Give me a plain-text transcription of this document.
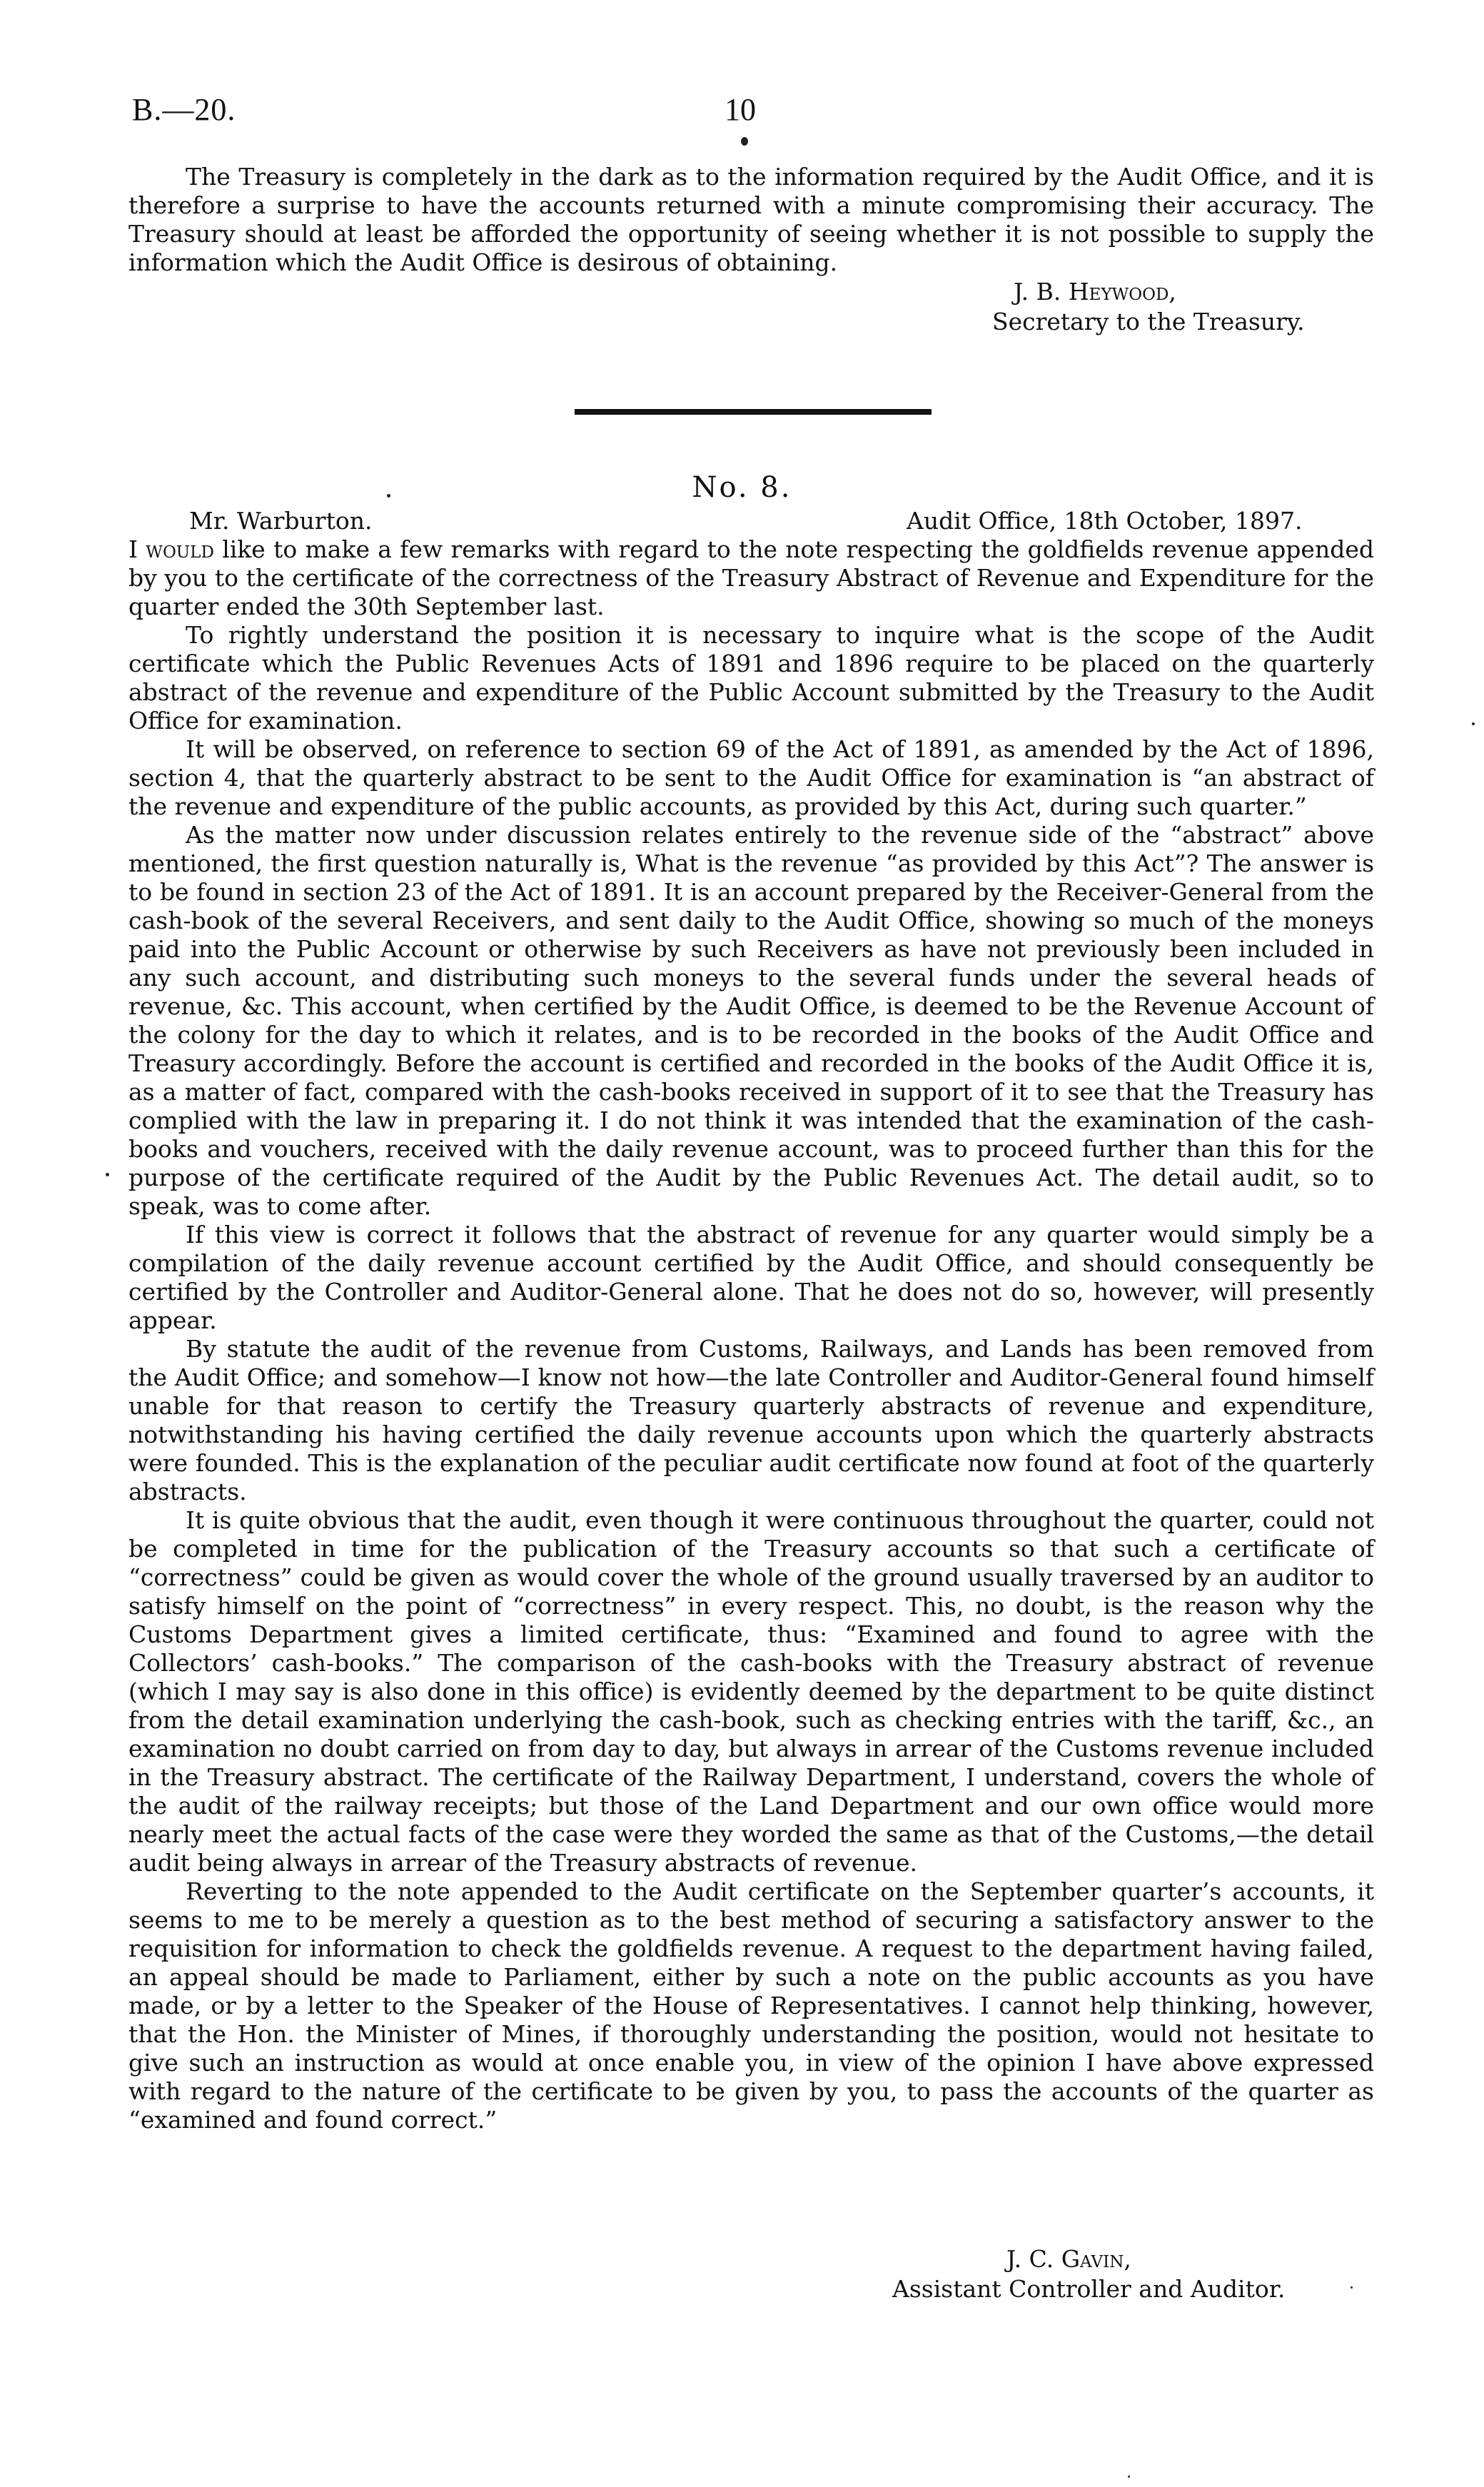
B.—20.	10

The Treasury is completely in the dark as to the information required by the Audit Office, and it is therefore a surprise to have the accounts returned with a minute compromising their accuracy. The Treasury should at least be afforded the opportunity of seeing whether it is not possible to supply the information which the Audit Office is desirous of obtaining.

J. B. Heywood,
Secretary to the Treasury.
No. 8.
Mr. Warburton.	Audit Office, 18th October, 1897.

I would like to make a few remarks with regard to the note respecting the goldfields revenue appended by you to the certificate of the correctness of the Treasury Abstract of Revenue and Expenditure for the quarter ended the 30th September last.

To rightly understand the position it is necessary to inquire what is the scope of the Audit certificate which the Public Revenues Acts of 1891 and 1896 require to be placed on the quarterly abstract of the revenue and expenditure of the Public Account submitted by the Treasury to the Audit Office for examination.

It will be observed, on reference to section 69 of the Act of 1891, as amended by the Act of 1896, section 4, that the quarterly abstract to be sent to the Audit Office for examination is “an abstract of the revenue and expenditure of the public accounts, as provided by this Act, during such quarter.”

As the matter now under discussion relates entirely to the revenue side of the “abstract” above mentioned, the first question naturally is, What is the revenue “as provided by this Act”? The answer is to be found in section 23 of the Act of 1891. It is an account prepared by the Receiver-General from the cash-book of the several Receivers, and sent daily to the Audit Office, showing so much of the moneys paid into the Public Account or otherwise by such Receivers as have not previously been included in any such account, and distributing such moneys to the several funds under the several heads of revenue, &c. This account, when certified by the Audit Office, is deemed to be the Revenue Account of the colony for the day to which it relates, and is to be recorded in the books of the Audit Office and Treasury accordingly. Before the account is certified and recorded in the books of the Audit Office it is, as a matter of fact, compared with the cash-books received in support of it to see that the Treasury has complied with the law in preparing it. I do not think it was intended that the examination of the cash-books and vouchers, received with the daily revenue account, was to proceed further than this for the purpose of the certificate required of the Audit by the Public Revenues Act. The detail audit, so to speak, was to come after.

If this view is correct it follows that the abstract of revenue for any quarter would simply be a compilation of the daily revenue account certified by the Audit Office, and should consequently be certified by the Controller and Auditor-General alone. That he does not do so, however, will presently appear.

By statute the audit of the revenue from Customs, Railways, and Lands has been removed from the Audit Office; and somehow—I know not how—the late Controller and Auditor-General found himself unable for that reason to certify the Treasury quarterly abstracts of revenue and expenditure, notwithstanding his having certified the daily revenue accounts upon which the quarterly abstracts were founded. This is the explanation of the peculiar audit certificate now found at foot of the quarterly abstracts.

It is quite obvious that the audit, even though it were continuous throughout the quarter, could not be completed in time for the publication of the Treasury accounts so that such a certificate of “correctness” could be given as would cover the whole of the ground usually traversed by an auditor to satisfy himself on the point of “correctness” in every respect. This, no doubt, is the reason why the Customs Department gives a limited certificate, thus: “Examined and found to agree with the Collectors’ cash-books.” The comparison of the cash-books with the Treasury abstract of revenue (which I may say is also done in this office) is evidently deemed by the department to be quite distinct from the detail examination underlying the cash-book, such as checking entries with the tariff, &c., an examination no doubt carried on from day to day, but always in arrear of the Customs revenue included in the Treasury abstract. The certificate of the Railway Department, I understand, covers the whole of the audit of the railway receipts; but those of the Land Department and our own office would more nearly meet the actual facts of the case were they worded the same as that of the Customs,—the detail audit being always in arrear of the Treasury abstracts of revenue.

Reverting to the note appended to the Audit certificate on the September quarter’s accounts, it seems to me to be merely a question as to the best method of securing a satisfactory answer to the requisition for information to check the goldfields revenue. A request to the department having failed, an appeal should be made to Parliament, either by such a note on the public accounts as you have made, or by a letter to the Speaker of the House of Representatives. I cannot help thinking, however, that the Hon. the Minister of Mines, if thoroughly understanding the position, would not hesitate to give such an instruction as would at once enable you, in view of the opinion I have above expressed with regard to the nature of the certificate to be given by you, to pass the accounts of the quarter as “examined and found correct.”

J. C. Gavin,
Assistant Controller and Auditor.
